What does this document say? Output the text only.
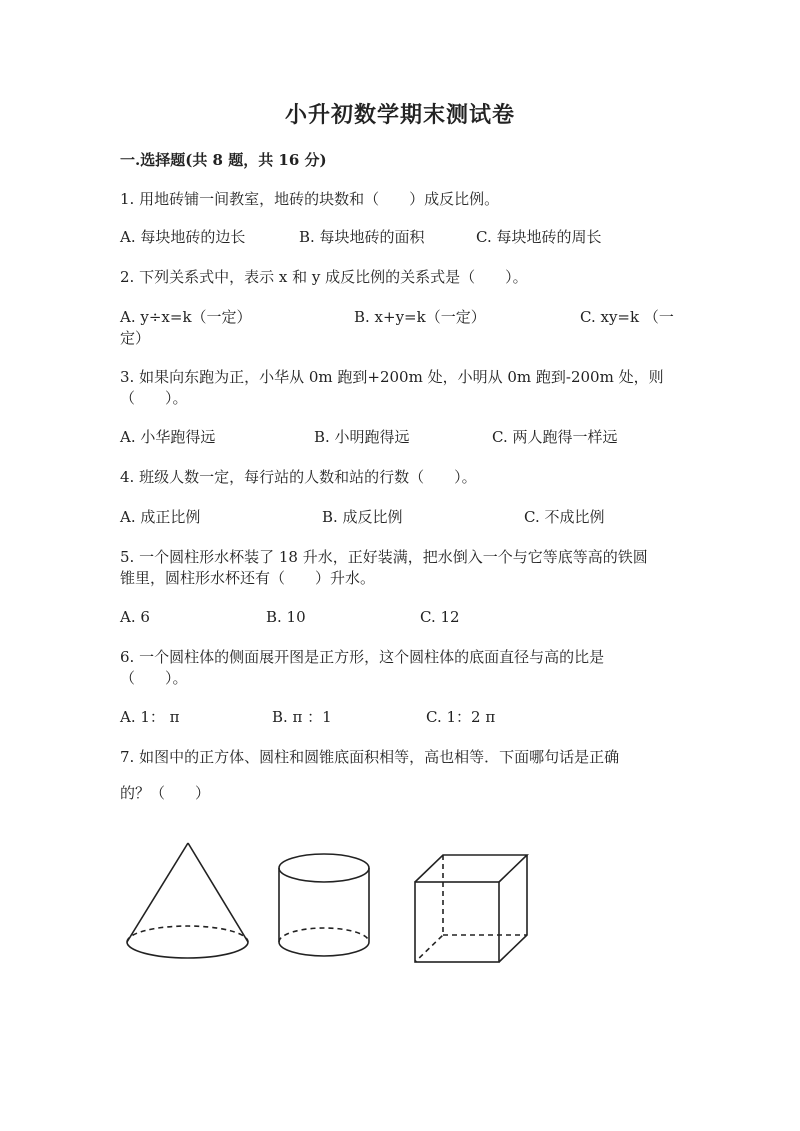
小升初数学期末测试卷
一.选择题(共 8 题，共 16 分)
1. 用地砖铺一间教室，地砖的块数和（　　）成反比例。
A. 每块地砖的边长	B. 每块地砖的面积	C. 每块地砖的周长
2. 下列关系式中，表示 x 和 y 成反比例的关系式是（　　）。
A. y÷x=k（一定）	B. x+y=k（一定）	C. xy=k （一
定）
3. 如果向东跑为正，小华从 0m 跑到+200m 处，小明从 0m 跑到-200m 处，则
（　　）。
A. 小华跑得远	B. 小明跑得远	C. 两人跑得一样远
4. 班级人数一定，每行站的人数和站的行数（　　）。
A. 成正比例	B. 成反比例	C. 不成比例
5. 一个圆柱形水杯装了 18 升水，正好装满，把水倒入一个与它等底等高的铁圆
锥里，圆柱形水杯还有（　　）升水。
A. 6	B. 10	C. 12
6. 一个圆柱体的侧面展开图是正方形，这个圆柱体的底面直径与高的比是
（　　）。
A. 1： π	B. π ：1	C. 1：2 π
7. 如图中的正方体、圆柱和圆锥底面积相等，高也相等．下面哪句话是正确
的？（　　）
